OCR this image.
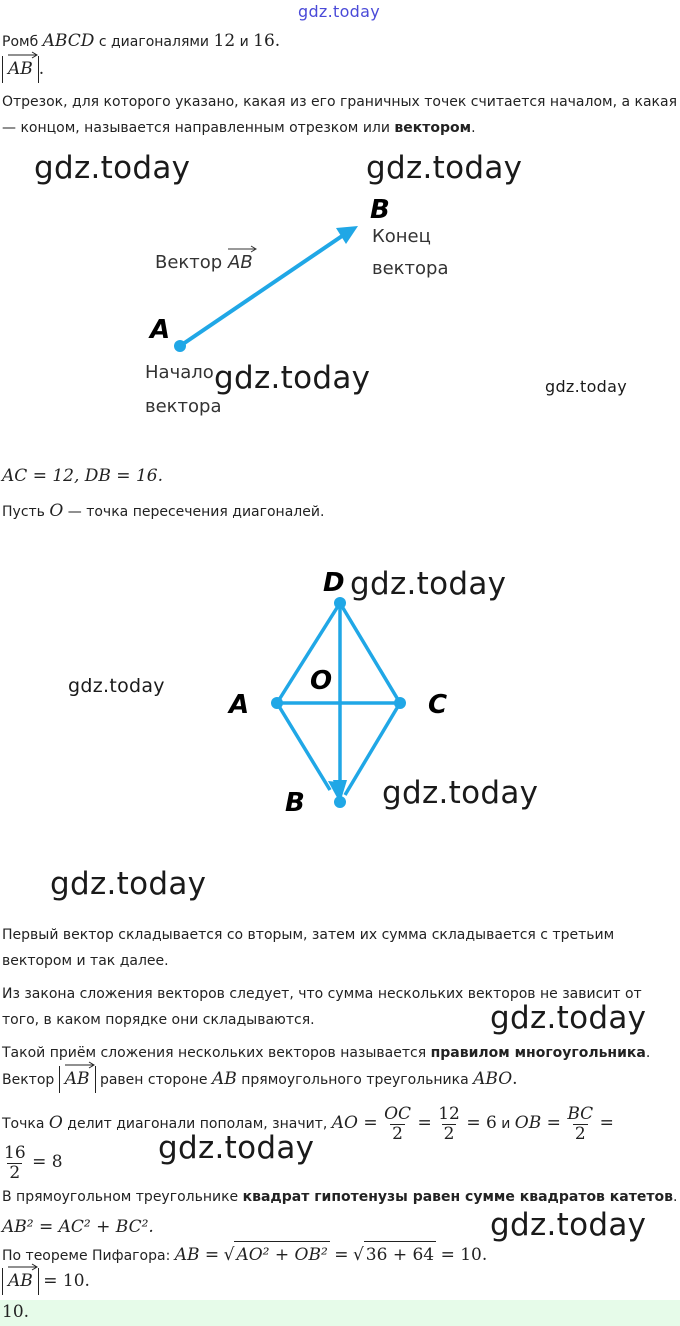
gdz.today
Ромб ABCD с диагоналями 12 и 16.
AB .
Отрезок, для которого указано, какая из его граничных точек считается началом, а какая
— концом, называется направленным отрезком или вектором.
A
B
Вектор AB
Конец
вектора
Начало
вектора
gdz.today	gdz.today
gdz.today	gdz.today
AC = 12, DB = 16.
Пусть O — точка пересечения диагоналей.
D
A	C
B
O
gdz.today
gdz.today
gdz.today
gdz.today
Первый вектор складывается со вторым, затем их сумма складывается с третьим
вектором и так далее.
Из закона сложения векторов следует, что сумма нескольких векторов не зависит от
того, в каком порядке они складываются.	gdz.today
Такой приём сложения нескольких векторов называется правилом многоугольника.
Вектор AB равен стороне AB прямоугольного треугольника ABO.
Точка O делит диагонали пополам, значит, AO = $\frac{OC}{2} = \frac{12}{2} = 6$ и OB = $\frac{BC}{2}$ =
$\frac{16}{2} = 8$	gdz.today
В прямоугольном треугольнике квадрат гипотенузы равен сумме квадратов катетов.
AB² = AC² + BC².	gdz.today
По теореме Пифагора: AB = √ AO² + OB² = √ 36 + 64 = 10.
AB = 10.
10.
